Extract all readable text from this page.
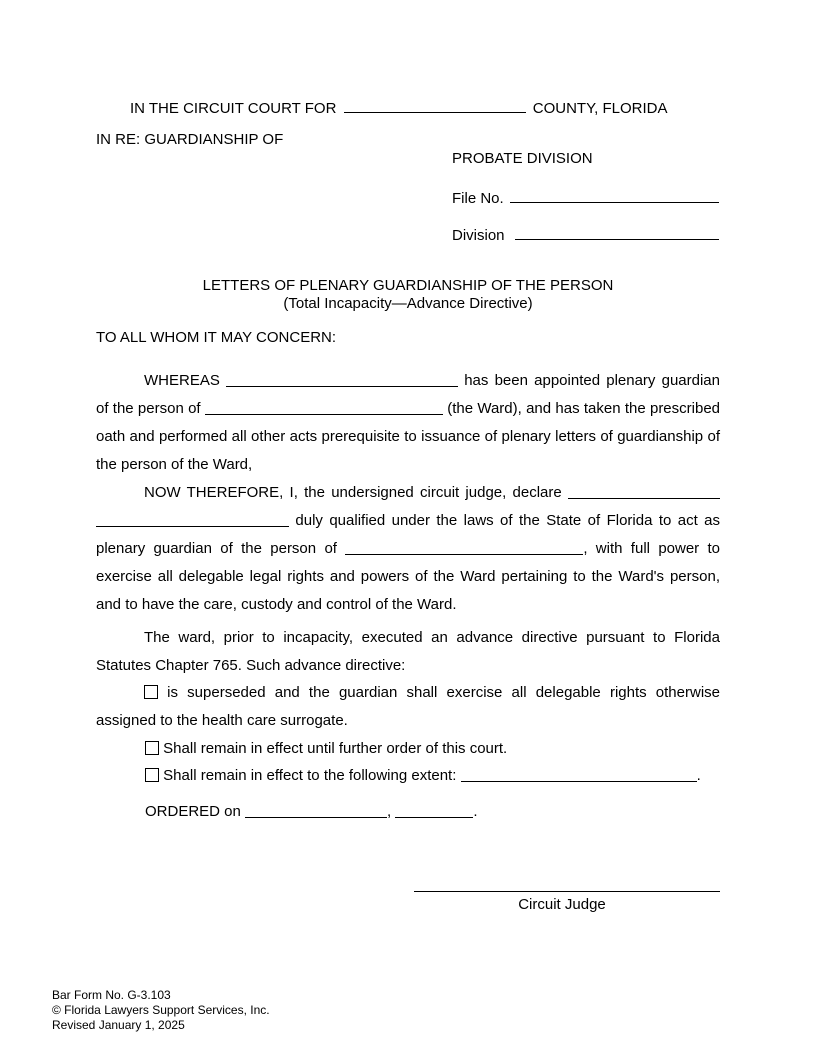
IN THE CIRCUIT COURT FOR	COUNTY, FLORIDA
IN RE: GUARDIANSHIP OF
PROBATE DIVISION
File No.
Division
LETTERS OF PLENARY GUARDIANSHIP OF THE PERSON
(Total Incapacity—Advance Directive)
TO ALL WHOM IT MAY CONCERN:
WHEREAS	has been appointed plenary guardian of the person of	(the Ward), and has taken the prescribed oath and performed all other acts prerequisite to issuance of plenary letters of guardianship of the person of the Ward,
NOW THEREFORE, I, the undersigned circuit judge, declare  duly qualified under the laws of the State of Florida to act as plenary guardian of the person of	, with full power to exercise all delegable legal rights and powers of the Ward pertaining to the Ward's person, and to have the care, custody and control of the Ward.
The ward, prior to incapacity, executed an advance directive pursuant to Florida Statutes Chapter 765. Such advance directive:
is superseded and the guardian shall exercise all delegable rights otherwise assigned to the health care surrogate.
Shall remain in effect until further order of this court.
Shall remain in effect to the following extent:	.
ORDERED on	,	.
Circuit Judge
Bar Form No. G-3.103
© Florida Lawyers Support Services, Inc.
Revised January 1, 2025
